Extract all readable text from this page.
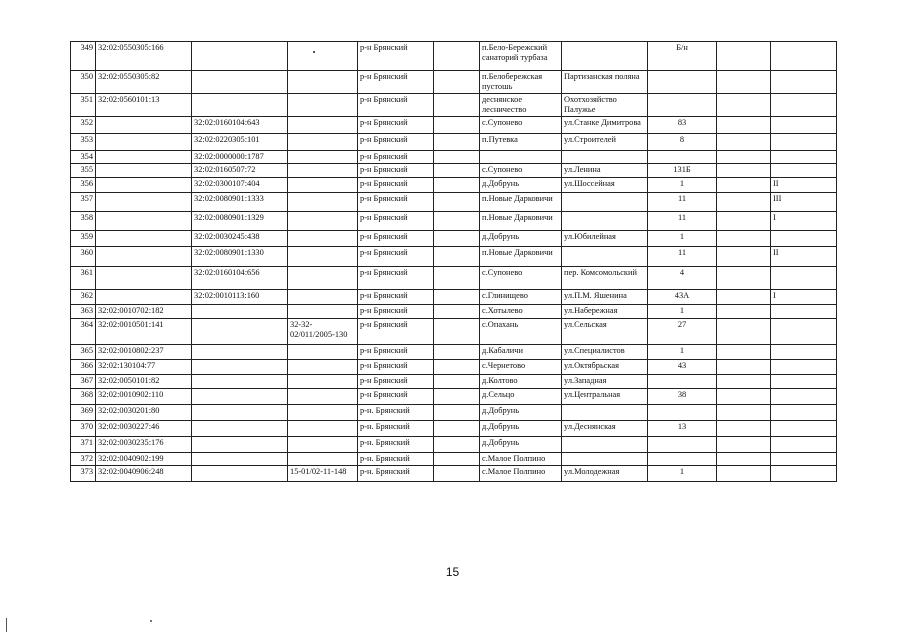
349	32:02:0550305:166			р-н Брянский		п.Бело-Бережский санаторий турбаза		Б/н		
350	32:02:0550305:82			р-н Брянский		п.Белобережская пустошь	Партизанская поляна			
351	32:02:0560101:13			р-н Брянский		деснянское лесничество	Охотхозяйство Палужье			
352		32:02:0160104:643		р-н Брянский		с.Супонево	ул.Станке Димитрова	83		
353		32:02:0220305:101		р-н Брянский		п.Путевка	ул.Строителей	8		
354		32:02:0000000:1787		р-н Брянский						
355		32:02:0160507:72		р-н Брянский		с.Супонево	ул.Ленина	131Б		
356		32:02:0300107:404		р-н Брянский		д.Добрунь	ул.Шоссейная	1		II
357		32:02:0080901:1333		р-н Брянский		п.Новые Дарковичи		11		III
358		32:02:0080901:1329		р-н Брянский		п.Новые Дарковичи		11		I
359		32:02:0030245:438		р-н Брянский		д.Добрунь	ул.Юбилейная	1		
360		32:02:0080901:1330		р-н Брянский		п.Новые Дарковичи		11		II
361		32:02:0160104:656		р-н Брянский		с.Супонево	пер. Комсомольский	4		
362		32:02:0010113:160		р-н Брянский		с.Глинищево	ул.П.М. Яшенина	43А		I
363	32:02:0010702:182			р-н Брянский		с.Хотылево	ул.Набережная	1		
364	32:02:0010501:141		32-32-02/011/2005-130	р-н Брянский		с.Опахань	ул.Сельская	27		
365	32:02:0010802:237			р-н Брянский		д.Кабаличи	ул.Специалистов	1		
366	32:02:130104:77			р-н Брянский		с.Чернетово	ул.Октябрьская	43		
367	32:02:0050101:82			р-н Брянский		д.Колтово	ул.Западная			
368	32:02:0010902:110			р-н Брянский		д.Сельцо	ул.Центральная	38		
369	32:02:0030201:80			р-н. Брянский		д.Добрунь				
370	32:02:0030227:46			р-н. Брянский		д.Добрунь	ул.Деснянская	13		
371	32:02:0030235:176			р-н. Брянский		д.Добрунь				
372	32:02:0040902:199			р-н. Брянский		с.Малое Полпино				
373	32:02:0040906:248		15-01/02-11-148	р-н. Брянский		с.Малое Полпино	ул.Молодежная	1		
15
